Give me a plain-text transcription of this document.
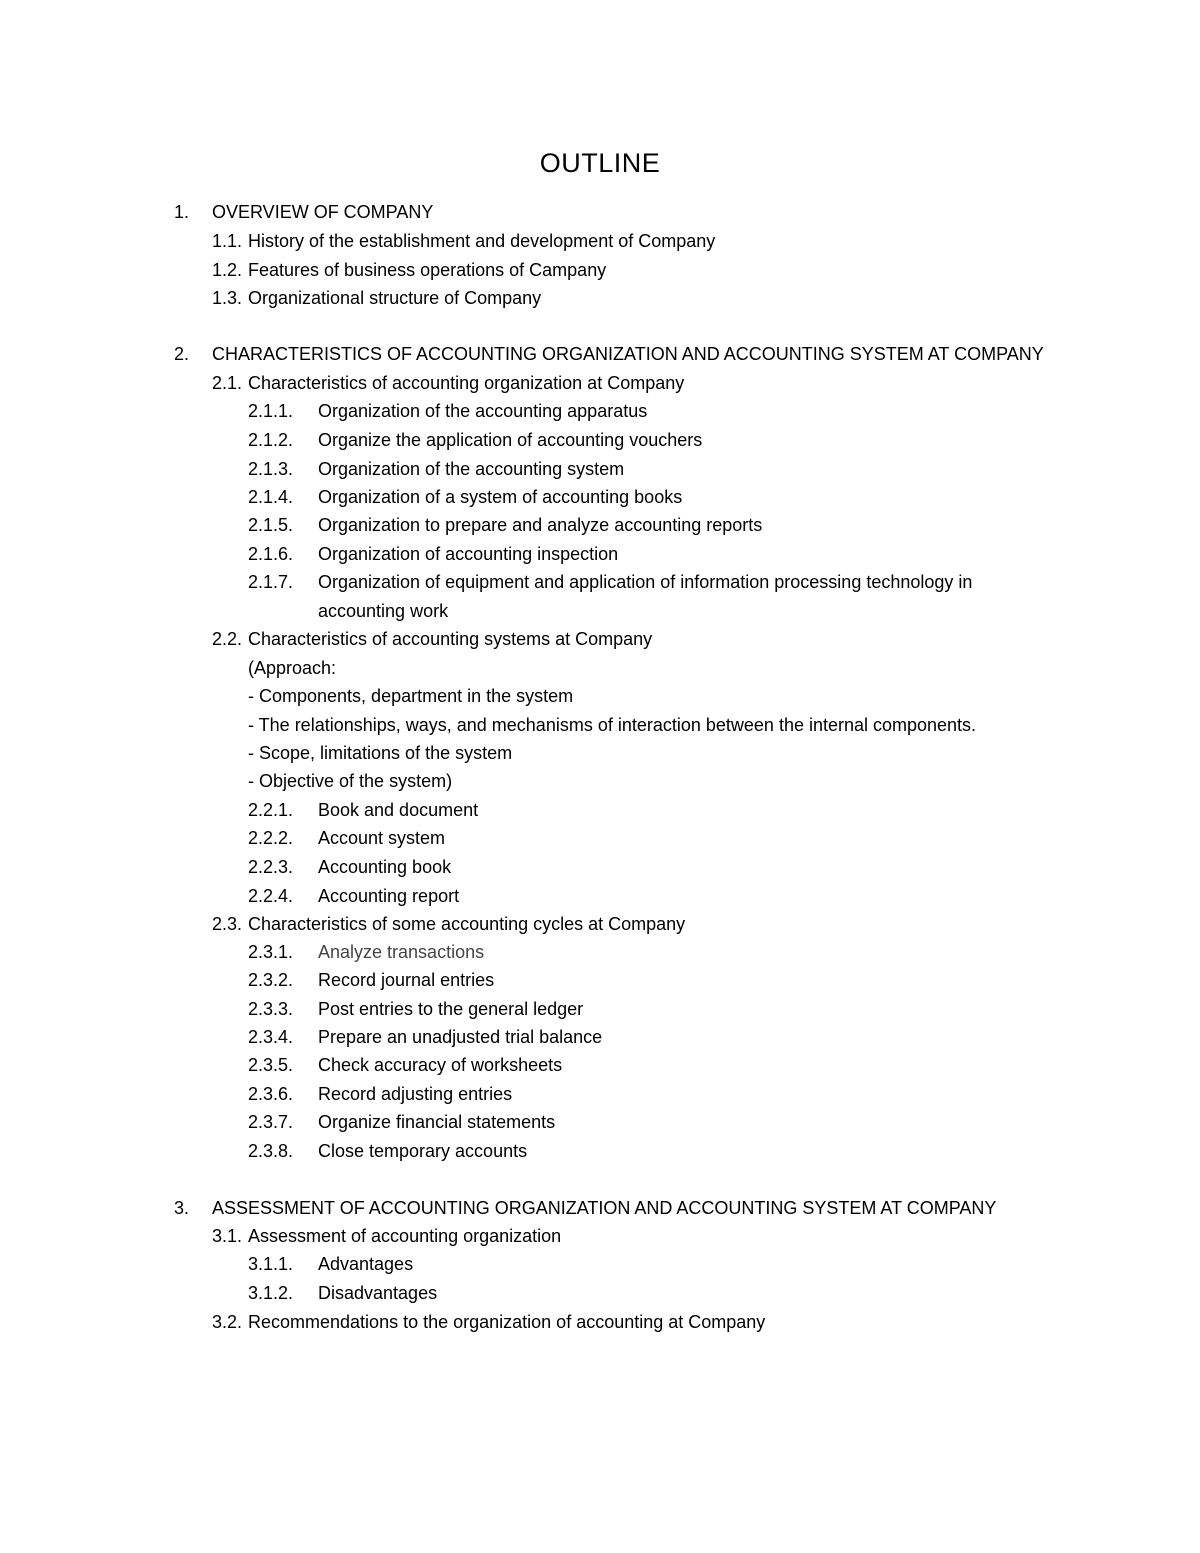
OUTLINE
1. OVERVIEW OF COMPANY
1.1. History of the establishment and development of Company
1.2. Features of business operations of Campany
1.3. Organizational structure of Company
2. CHARACTERISTICS OF ACCOUNTING ORGANIZATION AND ACCOUNTING SYSTEM AT COMPANY
2.1. Characteristics of accounting organization at Company
2.1.1. Organization of the accounting apparatus
2.1.2. Organize the application of accounting vouchers
2.1.3. Organization of the accounting system
2.1.4. Organization of a system of accounting books
2.1.5. Organization to prepare and analyze accounting reports
2.1.6. Organization of accounting inspection
2.1.7. Organization of equipment and application of information processing technology in
accounting work
2.2. Characteristics of accounting systems at Company
(Approach:
- Components, department in the system
- The relationships, ways, and mechanisms of interaction between the internal components.
- Scope, limitations of the system
- Objective of the system)
2.2.1. Book and document
2.2.2. Account system
2.2.3. Accounting book
2.2.4. Accounting report
2.3. Characteristics of some accounting cycles at Company
2.3.1. Analyze transactions
2.3.2. Record journal entries
2.3.3. Post entries to the general ledger
2.3.4. Prepare an unadjusted trial balance
2.3.5. Check accuracy of worksheets
2.3.6. Record adjusting entries
2.3.7. Organize financial statements
2.3.8. Close temporary accounts
3. ASSESSMENT OF ACCOUNTING ORGANIZATION AND ACCOUNTING SYSTEM AT COMPANY
3.1. Assessment of accounting organization
3.1.1. Advantages
3.1.2. Disadvantages
3.2. Recommendations to the organization of accounting at Company
